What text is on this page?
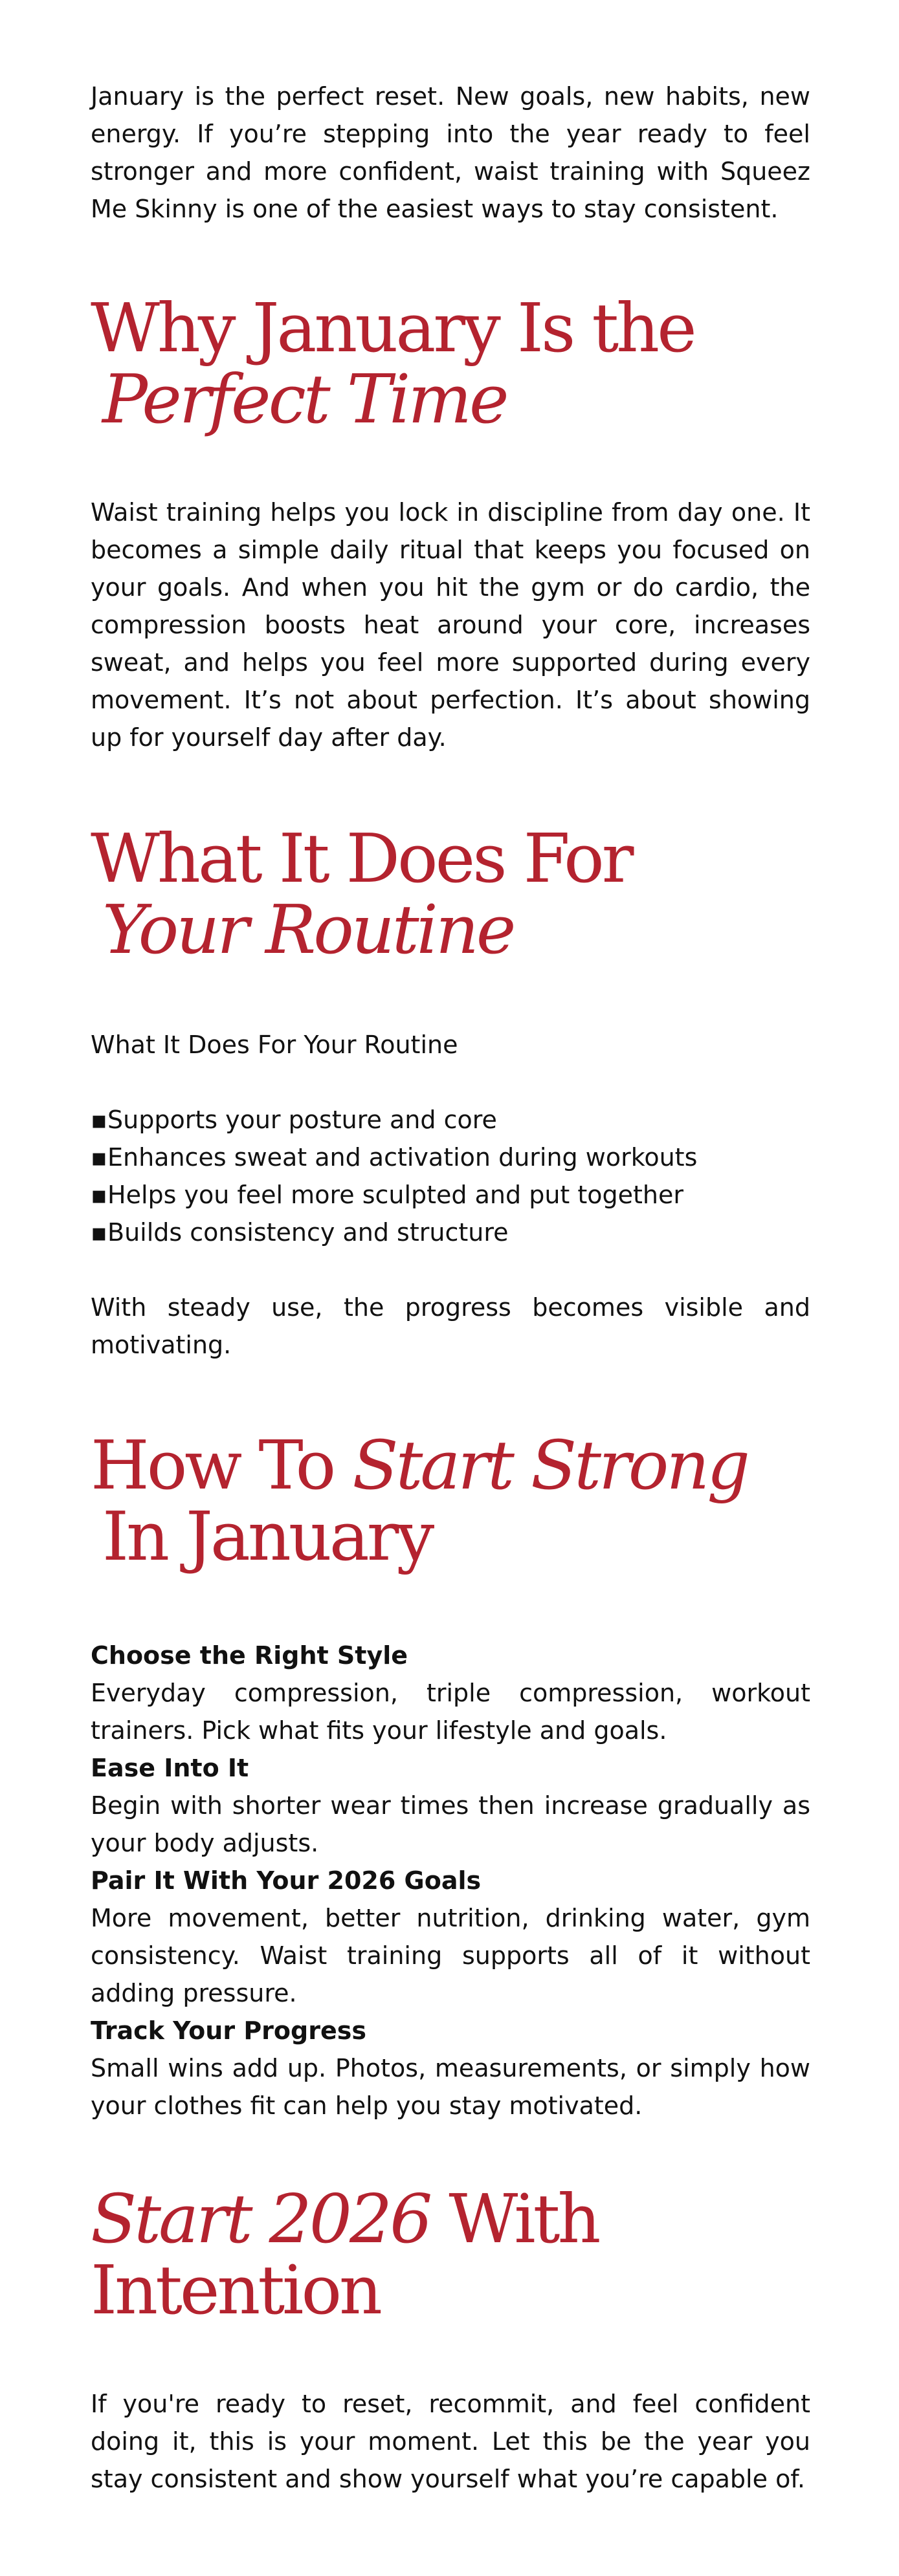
January is the perfect reset. New goals, new habits, new energy. If you’re stepping into the year ready to feel stronger and more confident, waist training with Squeez Me Skinny is one of the easiest ways to stay consistent.

Why January Is the
Perfect Time

Waist training helps you lock in discipline from day one. It becomes a simple daily ritual that keeps you focused on your goals. And when you hit the gym or do cardio, the compression boosts heat around your core, increases sweat, and helps you feel more supported during every movement. It’s not about perfection. It’s about showing up for yourself day after day.

What It Does For
Your Routine

What It Does For Your Routine

▪ Supports your posture and core
▪ Enhances sweat and activation during workouts
▪ Helps you feel more sculpted and put together
▪ Builds consistency and structure

With steady use, the progress becomes visible and motivating.

How To Start Strong
In January
Choose the Right Style
Everyday compression, triple compression, workout trainers. Pick what fits your lifestyle and goals.
Ease Into It
Begin with shorter wear times then increase gradually as your body adjusts.
Pair It With Your 2026 Goals
More movement, better nutrition, drinking water, gym consistency. Waist training supports all of it without adding pressure.
Track Your Progress
Small wins add up. Photos, measurements, or simply how your clothes fit can help you stay motivated.
Start 2026 With
Intention

If you're ready to reset, recommit, and feel confident doing it, this is your moment. Let this be the year you stay consistent and show yourself what you’re capable of.
